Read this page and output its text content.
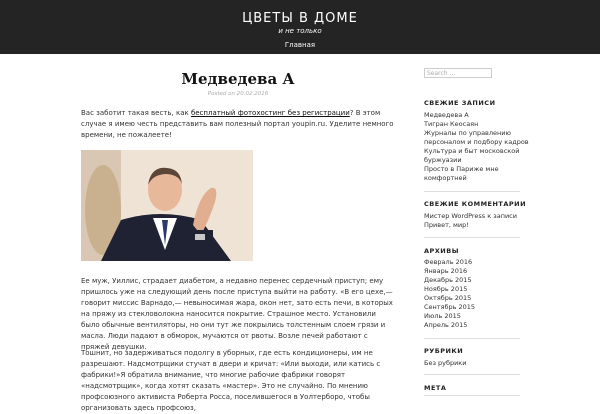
ЦВЕТЫ В ДОМЕ
и не только
Главная
Медведева А
Posted on 20.02.2016

Вас заботит такая весть, как бесплатный фотохостинг без регистрации? В этом случае я имею честь представить вам полезный портал youpin.ru. Уделите немного времени, не пожалеете!

Ее муж, Уиллис, страдает диабетом, а недавно перенес сердечный приступ; ему пришлось уже на следующий день после приступа выйти на работу. «В его цехе,— говорит миссис Варнадо,— невыносимая жара, окон нет, зато есть печи, в которых на пряжу из стекловолокна наносится покрытие. Страшное место. Установили было обычные вентиляторы, но они тут же покрылись толстенным слоем грязи и масла. Люди падают в обморок, мучаются от рвоты. Возле печей работают с пряжей девушки.

Тошнит, но задерживаться подолгу в уборных, где есть кондиционеры, им не разрешают. Надсмотрщики стучат в двери и кричат: «Или выходи, или катись с фабрики!»Я обратила внимание, что многие рабочие фабрики говорят «надсмотрщик», когда хотят сказать «мастер». Это не случайно. По мнению профсоюзного активиста Роберта Росса, поселившегося в Уолтерборо, чтобы организовать здесь профсоюз,

Search …
СВЕЖИЕ ЗАПИСИ
Медведева А
Тигран Кеосаян
Журналы по управлению
персоналом и подбору кадров
Культура и быт московской
буржуазии
Просто в Париже мне
комфортней
СВЕЖИЕ КОММЕНТАРИИ
Мистер WordPress к записи
Привет, мир!
АРХИВЫ
Февраль 2016
Январь 2016
Декабрь 2015
Ноябрь 2015
Октябрь 2015
Сентябрь 2015
Июль 2015
Апрель 2015
РУБРИКИ
Без рубрики
МЕТА
